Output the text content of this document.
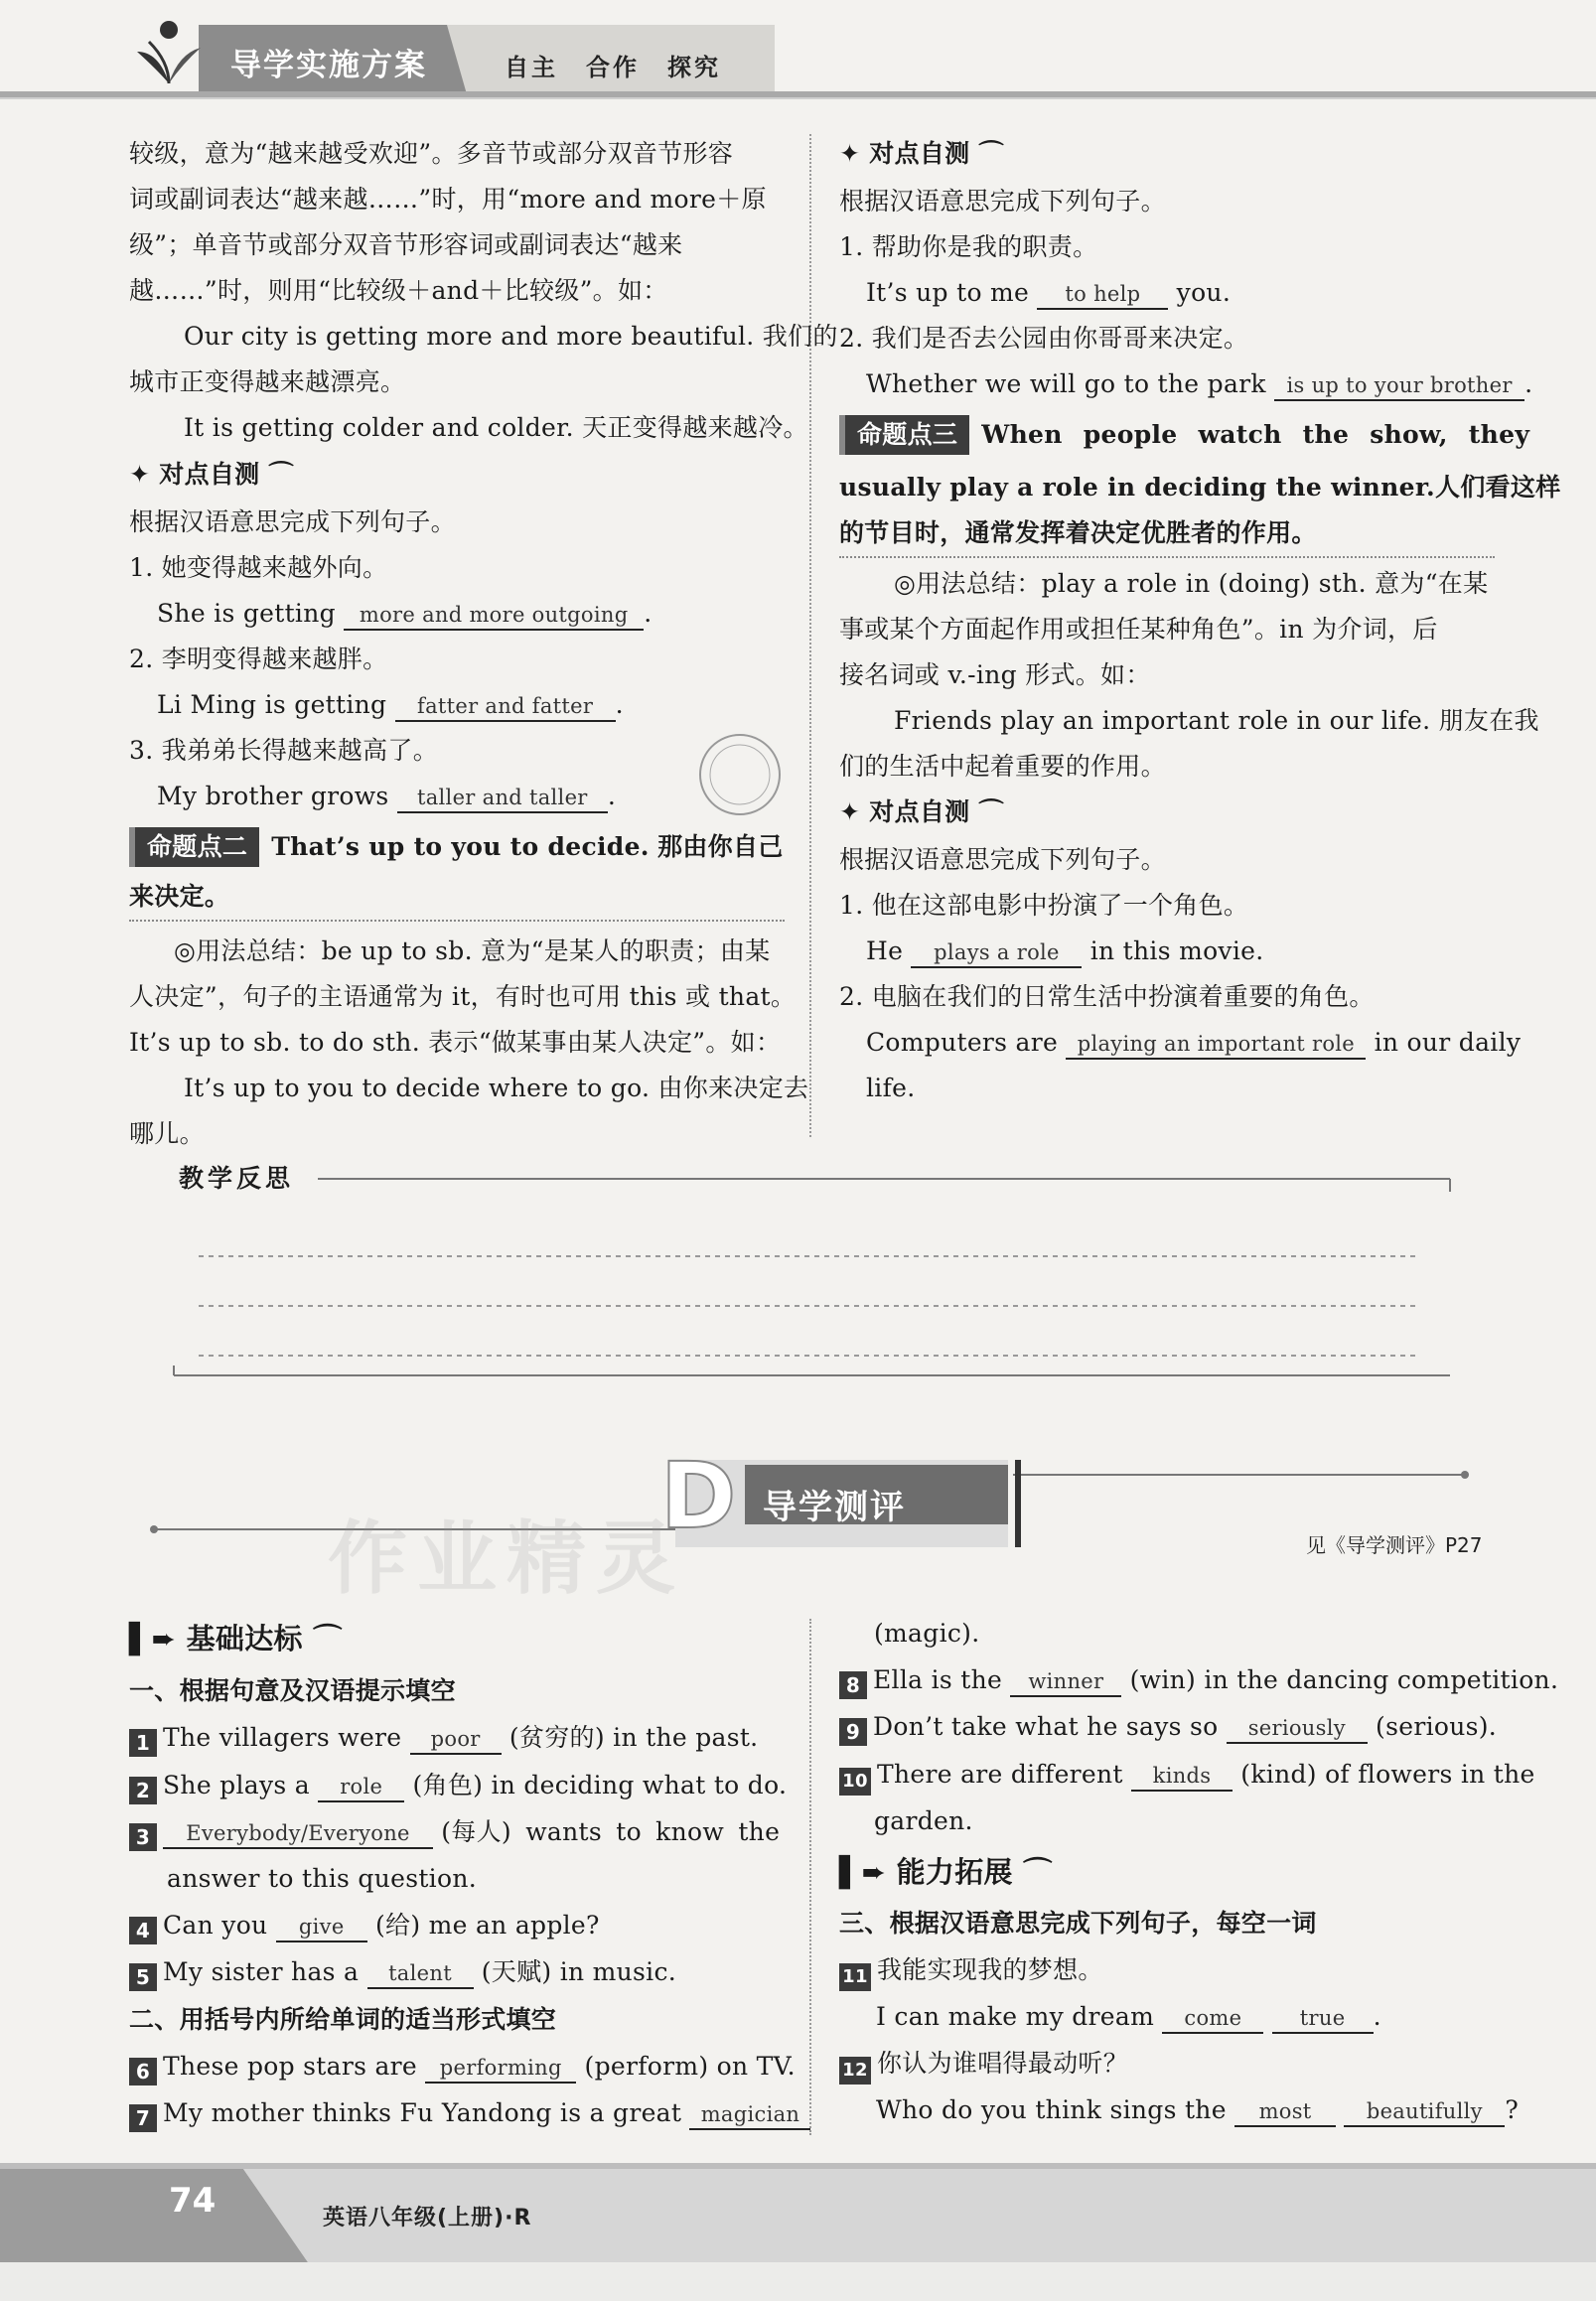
导学实施方案	自主 合作 探究
较级，意为“越来越受欢迎”。多音节或部分双音节形容
词或副词表达“越来越……”时，用“more and more＋原
级”；单音节或部分双音节形容词或副词表达“越来
越……”时，则用“比较级＋and＋比较级”。如：
Our city is getting more and more beautiful. 我们的
城市正变得越来越漂亮。
It is getting colder and colder. 天正变得越来越冷。
✦ 对点自测 ⌒
根据汉语意思完成下列句子。
1. 她变得越来越外向。
She is getting more and more outgoing .
2. 李明变得越来越胖。
Li Ming is getting fatter and fatter .
3. 我弟弟长得越来越高了。
My brother grows taller and taller .
命题点二 That’s up to you to decide. 那由你自己
来决定。
◎用法总结：be up to sb. 意为“是某人的职责；由某
人决定”，句子的主语通常为 it，有时也可用 this 或 that。
It’s up to sb. to do sth. 表示“做某事由某人决定”。如：
It’s up to you to decide where to go. 由你来决定去
哪儿。
✦ 对点自测 ⌒
根据汉语意思完成下列句子。
1. 帮助你是我的职责。
It’s up to me to help you.
2. 我们是否去公园由你哥哥来决定。
Whether we will go to the park is up to your brother .
命题点三 When people watch the show, they
usually play a role in deciding the winner.人们看这样
的节目时，通常发挥着决定优胜者的作用。
◎用法总结：play a role in (doing) sth. 意为“在某
事或某个方面起作用或担任某种角色”。in 为介词，后
接名词或 v.-ing 形式。如：
Friends play an important role in our life. 朋友在我
们的生活中起着重要的作用。
✦ 对点自测 ⌒
根据汉语意思完成下列句子。
1. 他在这部电影中扮演了一个角色。
He plays a role in this movie.
2. 电脑在我们的日常生活中扮演着重要的角色。
Computers are playing an important role in our daily
life.
教学反思
D 导学测评
见《导学测评》P27
作业精灵
▌➨ 基础达标 ⌒
一、根据句意及汉语提示填空
1 The villagers were poor (贫穷的) in the past.
2 She plays a role (角色) in deciding what to do.
3 Everybody/Everyone (每人) wants to know the
answer to this question.
4 Can you give (给) me an apple?
5 My sister has a talent (天赋) in music.
二、用括号内所给单词的适当形式填空
6 These pop stars are performing (perform) on TV.
7 My mother thinks Fu Yandong is a great magician
(magic).
8 Ella is the winner (win) in the dancing competition.
9 Don’t take what he says so seriously (serious).
10 There are different kinds (kind) of flowers in the
garden.
▌➨ 能力拓展 ⌒
三、根据汉语意思完成下列句子，每空一词
11 我能实现我的梦想。
I can make my dream come	true .
12 你认为谁唱得最动听？
Who do you think sings the most	beautifully ?
74	英语八年级(上册)·R
